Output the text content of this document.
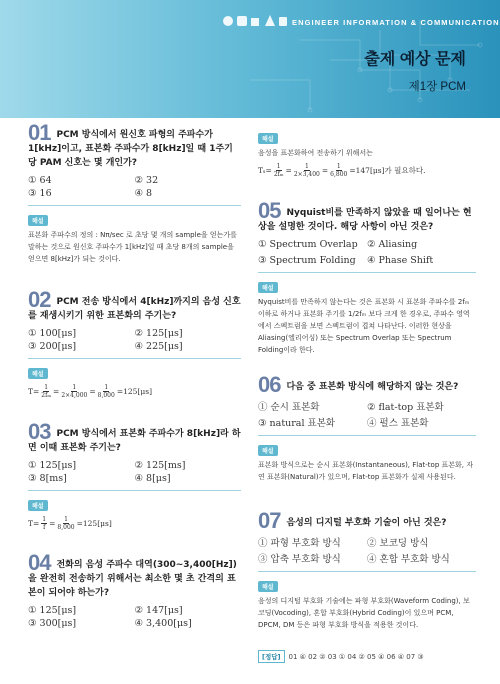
ENGINEER INFORMATION & COMMUNICATION
출제 예상 문제
제1장 PCM
01 PCM 방식에서 원신호 파형의 주파수가 1[kHz]이고, 표본화 주파수가 8[kHz]일 때 1주기당 PAM 신호는 몇 개인가?
① 64	② 32
③ 16	④ 8
해설
표본화 주파수의 정의 : Nπ/sec 로 초당 몇 개의 sample을 얻는가를 말하는 것으로 원신호 주파수가 1[kHz]일 때 초당 8개의 sample을 얻으면 8[kHz]가 되는 것이다.
02 PCM 전송 방식에서 4[kHz]까지의 음성 신호를 재생시키기 위한 표본화의 주기는?
① 100[μs]	② 125[μs]
③ 200[μs]	④ 225[μs]
해설
$T= \frac{1}{\text{2fₘ}} = \frac{1}{2\times 4,000} = \frac{1}{8,000} =125[\mu s]$
03 PCM 방식에서 표본화 주파수가 8[kHz]라 하면 이때 표본화 주기는?
① 125[μs]	② 125[ms]
③ 8[ms]	④ 8[μs]
해설
$T= \frac{1}{f} = \frac{1}{8,000} =125[\mu s]$
04 전화의 음성 주파수 대역(300~3,400[Hz])을 완전히 전송하기 위해서는 최소한 몇 초 간격의 표본이 되어야 하는가?
① 125[μs]	② 147[μs]
③ 300[μs]	④ 3,400[μs]
해설
음성을 표본화하여 전송하기 위해서는
$T_s= \frac{1}{\text{2fₘ}} = \frac{1}{2\times 3,400} = \frac{1}{6,800} =147[\mu s]$가 필요하다.
05 Nyquist비를 만족하지 않았을 때 일어나는 현상을 설명한 것이다. 해당 사항이 아닌 것은?
① Spectrum Overlap ② Aliasing
③ Spectrum Folding	④ Phase Shift
해설
Nyquist비를 만족하지 않는다는 것은 표본화 시 표본화 주파수를 2fₘ 이하로 하거나 표본화 주기를 1/2fₘ 보다 크게 한 경우로, 주파수 영역에서 스펙트럼을 보면 스펙트럼이 겹쳐 나타난다. 이러한 현상을 Aliasing(엘리어싱) 또는 Spectrum Overlap 또는 Spectrum Folding이라 한다.
06 다음 중 표본화 방식에 해당하지 않는 것은?
① 순시 표본화	② flat-top 표본화
③ natural 표본화	④ 펄스 표본화
해설
표본화 방식으로는 순시 표본화(Instantaneous), Flat-top 표본화, 자연 표본화(Natural)가 있으며, Flat-top 표본화가 실제 사용된다.
07 음성의 디지털 부호화 기술이 아닌 것은?
① 파형 부호화 방식	② 보코딩 방식
③ 압축 부호화 방식	④ 혼합 부호화 방식
해설
음성의 디지털 부호화 기술에는 파형 부호화(Waveform Coding), 보코딩(Vocoding), 혼합 부호화(Hybrid Coding)이 있으며 PCM, DPCM, DM 등은 파형 부호화 방식을 적용한 것이다.
[정답]	01 ④ 02 ② 03 ① 04 ② 05 ④ 06 ④ 07 ③
